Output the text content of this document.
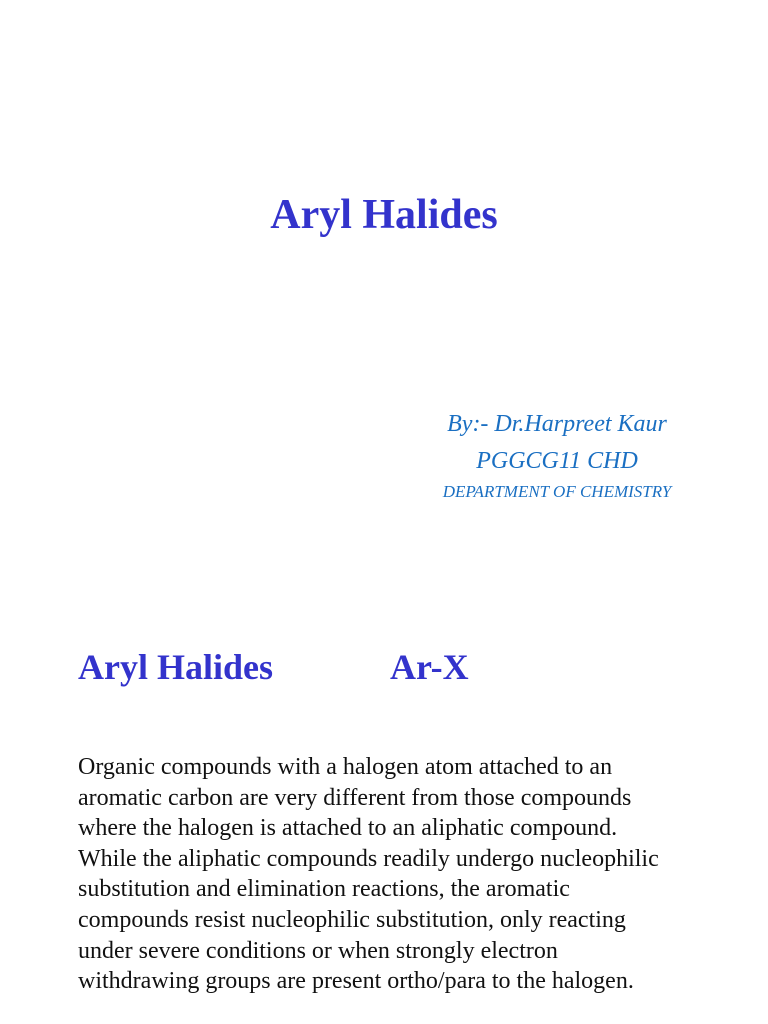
Aryl Halides

By:- Dr.Harpreet Kaur

PGGCG11 CHD

DEPARTMENT OF CHEMISTRY

Aryl Halides	Ar-X

Organic compounds with a halogen atom attached to an aromatic carbon are very different from those compounds where the halogen is attached to an aliphatic compound. While the aliphatic compounds readily undergo nucleophilic substitution and elimination reactions, the aromatic compounds resist nucleophilic substitution, only reacting under severe conditions or when strongly electron withdrawing groups are present ortho/para to the halogen.
